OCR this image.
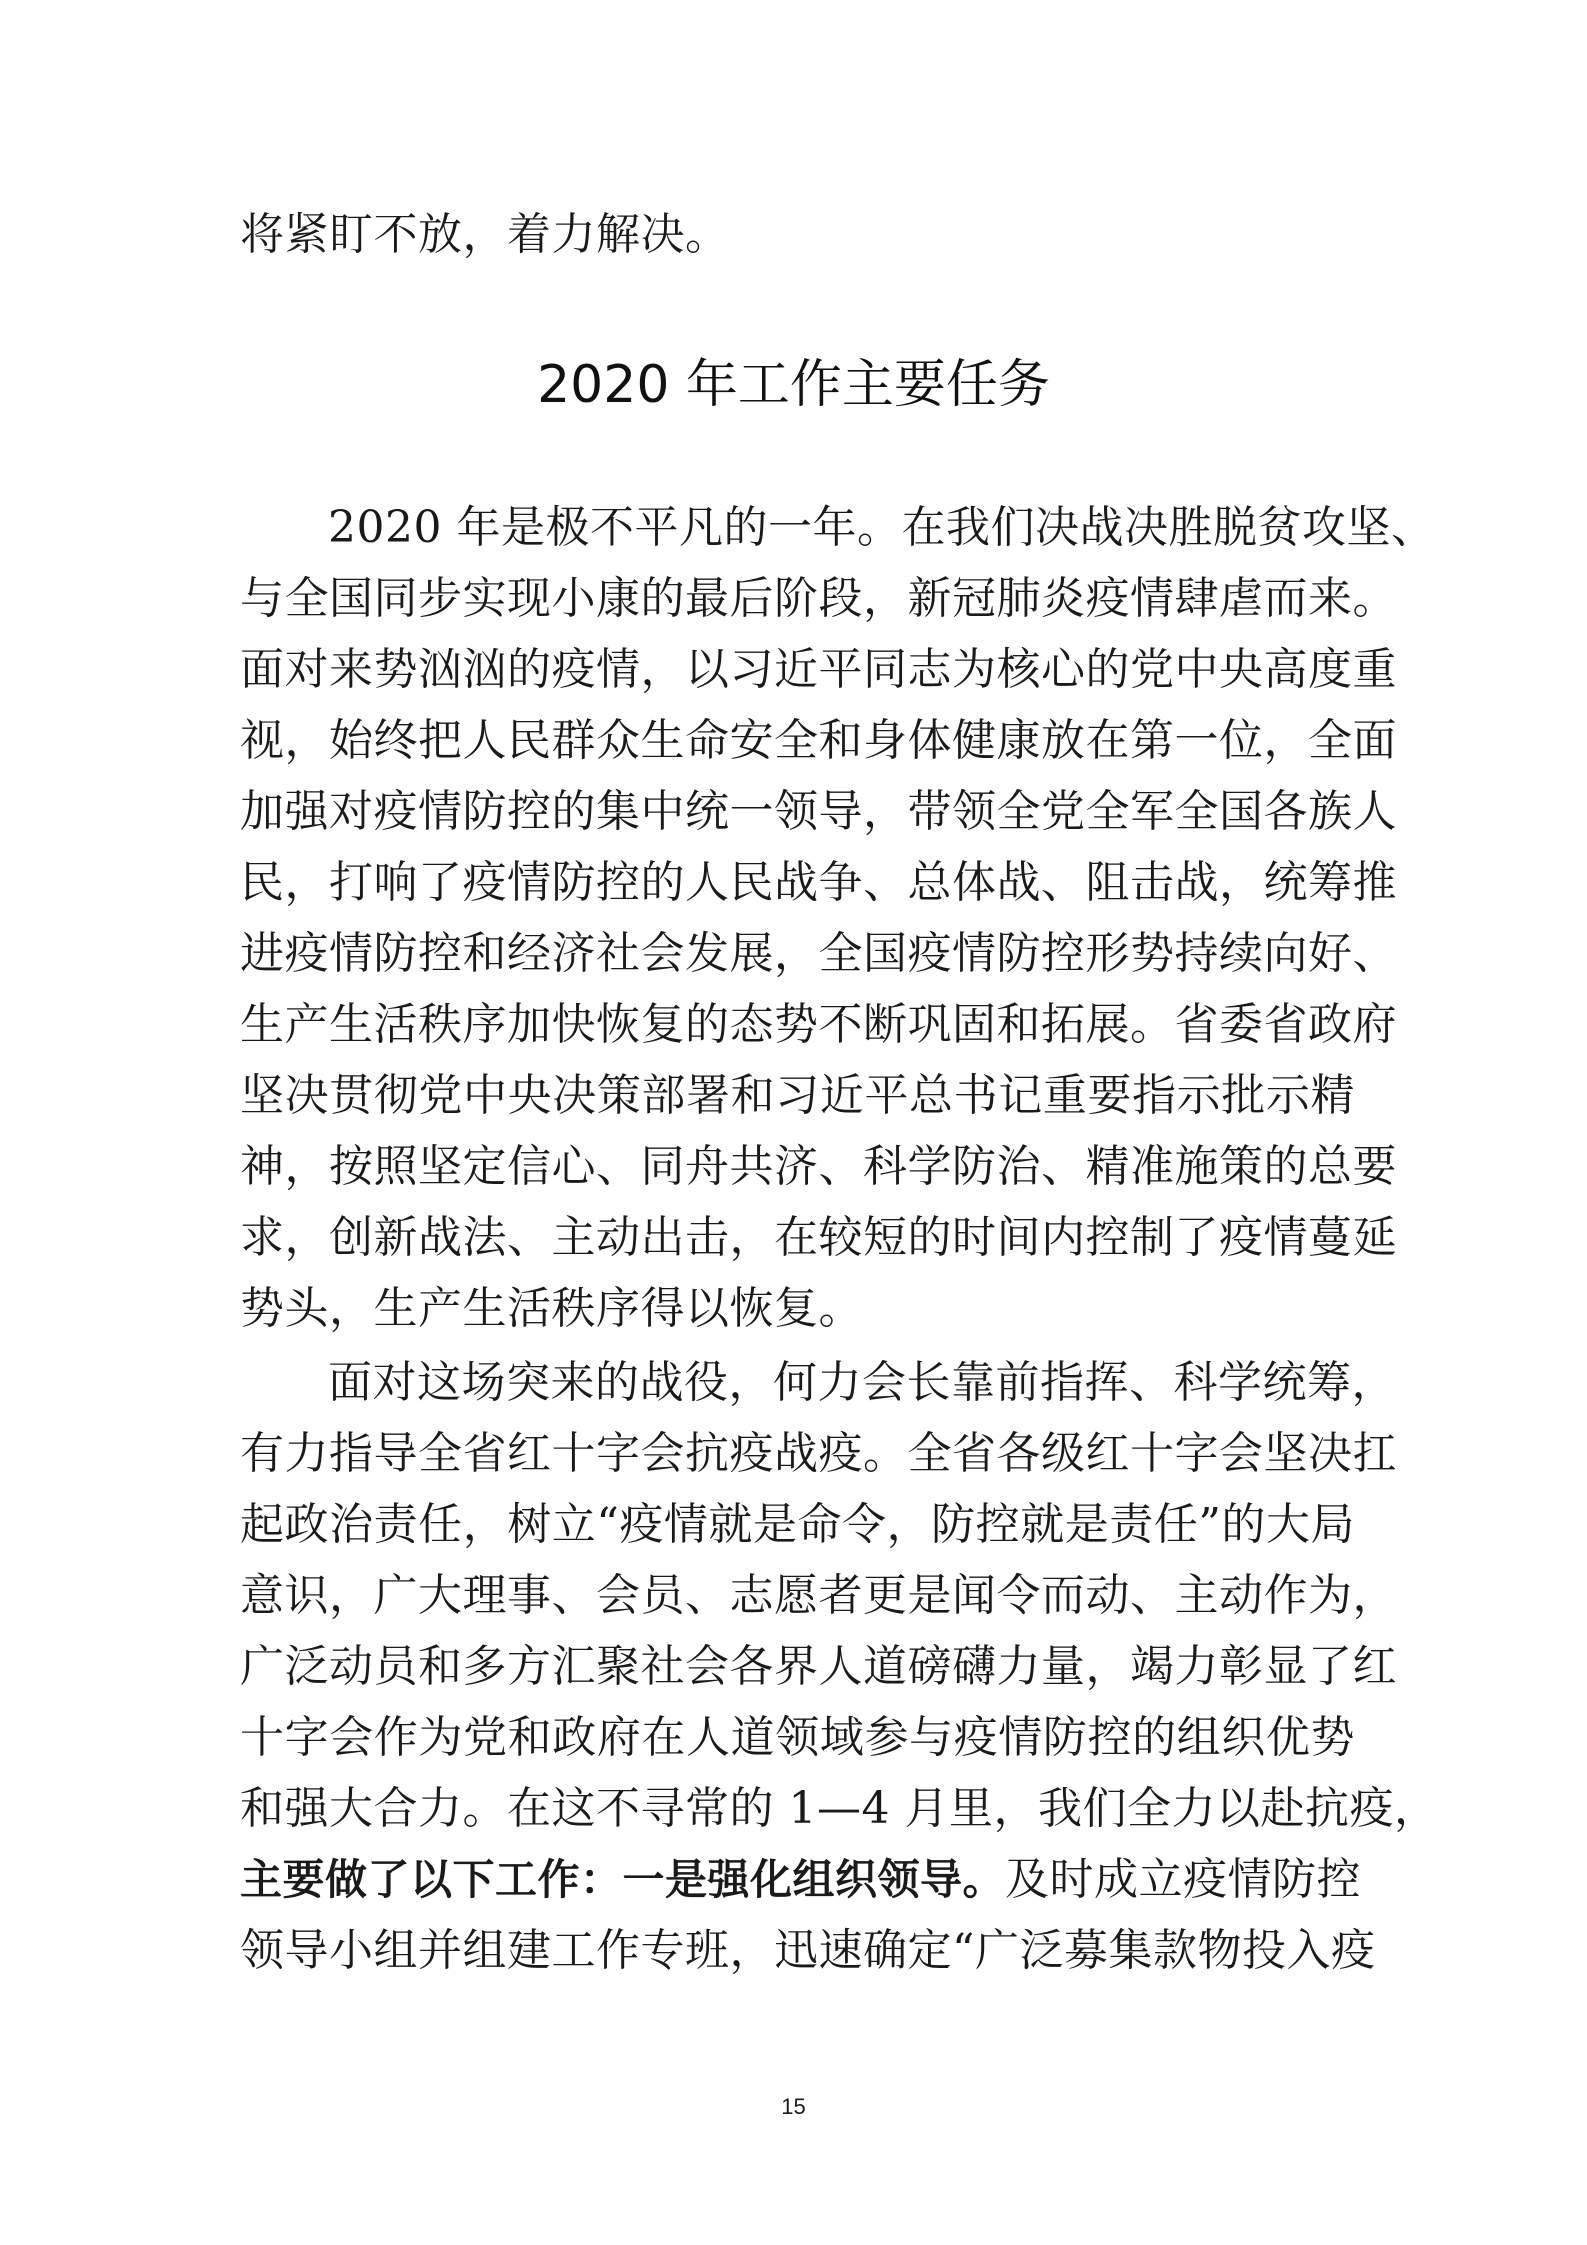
将紧盯不放，着力解决。
2020 年工作主要任务
2020 年是极不平凡的一年。在我们决战决胜脱贫攻坚、
与全国同步实现小康的最后阶段，新冠肺炎疫情肆虐而来。
面对来势汹汹的疫情，以习近平同志为核心的党中央高度重
视，始终把人民群众生命安全和身体健康放在第一位，全面
加强对疫情防控的集中统一领导，带领全党全军全国各族人
民，打响了疫情防控的人民战争、总体战、阻击战，统筹推
进疫情防控和经济社会发展，全国疫情防控形势持续向好、
生产生活秩序加快恢复的态势不断巩固和拓展。省委省政府
坚决贯彻党中央决策部署和习近平总书记重要指示批示精
神，按照坚定信心、同舟共济、科学防治、精准施策的总要
求，创新战法、主动出击，在较短的时间内控制了疫情蔓延
势头，生产生活秩序得以恢复。
面对这场突来的战役，何力会长靠前指挥、科学统筹，
有力指导全省红十字会抗疫战疫。全省各级红十字会坚决扛
起政治责任，树立“疫情就是命令，防控就是责任”的大局
意识，广大理事、会员、志愿者更是闻令而动、主动作为，
广泛动员和多方汇聚社会各界人道磅礴力量，竭力彰显了红
十字会作为党和政府在人道领域参与疫情防控的组织优势
和强大合力。在这不寻常的 1—4 月里，我们全力以赴抗疫，
主要做了以下工作：一是强化组织领导。及时成立疫情防控
领导小组并组建工作专班，迅速确定“广泛募集款物投入疫
15
